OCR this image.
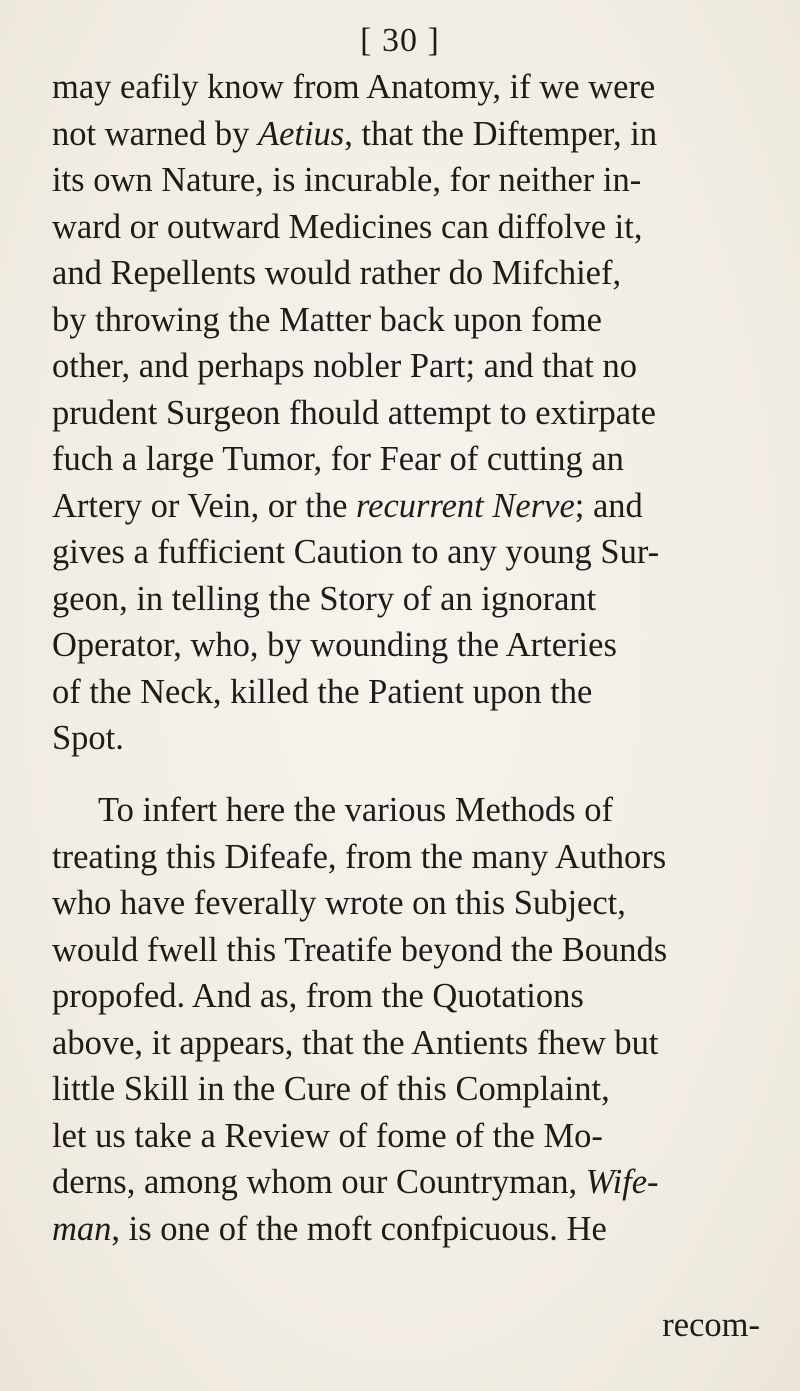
[ 30 ]
may eafily know from Anatomy, if we were
not warned by Aetius, that the Diftemper, in
its own Nature, is incurable, for neither in-
ward or outward Medicines can diffolve it,
and Repellents would rather do Mifchief,
by throwing the Matter back upon fome
other, and perhaps nobler Part; and that no
prudent Surgeon fhould attempt to extirpate
fuch a large Tumor, for Fear of cutting an
Artery or Vein, or the recurrent Nerve; and
gives a fufficient Caution to any young Sur-
geon, in telling the Story of an ignorant
Operator, who, by wounding the Arteries
of the Neck, killed the Patient upon the
Spot.
To infert here the various Methods of
treating this Difeafe, from the many Authors
who have feverally wrote on this Subject,
would fwell this Treatife beyond the Bounds
propofed. And as, from the Quotations
above, it appears, that the Antients fhew but
little Skill in the Cure of this Complaint,
let us take a Review of fome of the Mo-
derns, among whom our Countryman, Wife-
man, is one of the moft confpicuous. He
recom-
